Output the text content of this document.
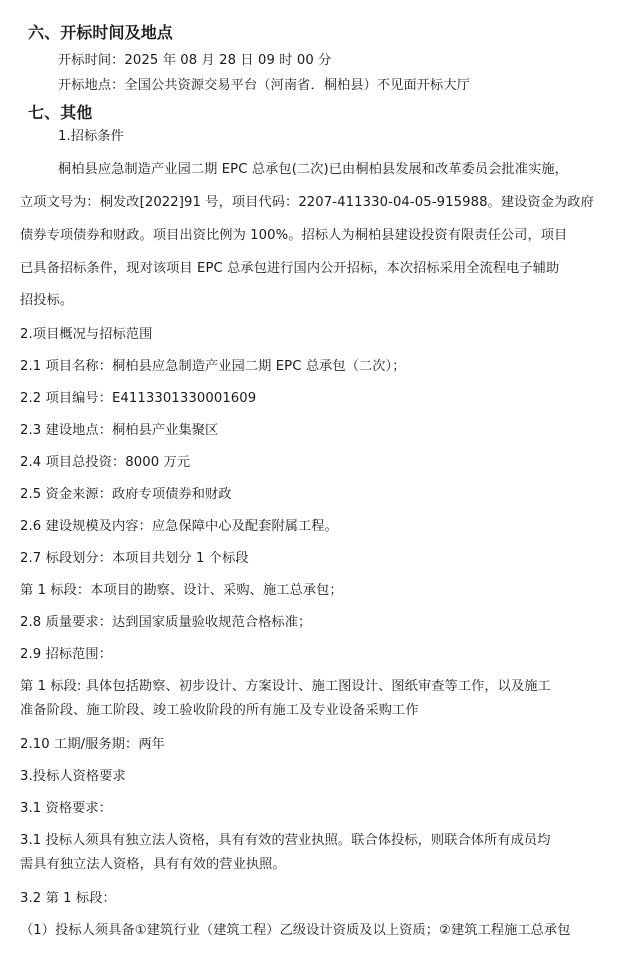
六、开标时间及地点
开标时间：2025 年 08 月 28 日 09 时 00 分
开标地点：全国公共资源交易平台（河南省．桐柏县）不见面开标大厅
七、其他
1.招标条件
桐柏县应急制造产业园二期 EPC 总承包(二次)已由桐柏县发展和改革委员会批准实施，
立项文号为：桐发改[2022]91 号，项目代码：2207-411330-04-05-915988。建设资金为政府
债券专项债券和财政。项目出资比例为 100%。招标人为桐柏县建设投资有限责任公司，项目
已具备招标条件，现对该项目 EPC 总承包进行国内公开招标，本次招标采用全流程电子辅助
招投标。
2.项目概况与招标范围
2.1 项目名称：桐柏县应急制造产业园二期 EPC 总承包（二次）；
2.2 项目编号：E4113301330001609
2.3 建设地点：桐柏县产业集聚区
2.4 项目总投资：8000 万元
2.5 资金来源：政府专项债券和财政
2.6 建设规模及内容：应急保障中心及配套附属工程。
2.7 标段划分：本项目共划分 1 个标段
第 1 标段：本项目的勘察、设计、采购、施工总承包；
2.8 质量要求：达到国家质量验收规范合格标准；
2.9 招标范围：
第 1 标段: 具体包括勘察、初步设计、方案设计、施工图设计、图纸审查等工作，以及施工
准备阶段、施工阶段、竣工验收阶段的所有施工及专业设备采购工作
2.10 工期/服务期：两年
3.投标人资格要求
3.1 资格要求：
3.1 投标人须具有独立法人资格，具有有效的营业执照。联合体投标，则联合体所有成员均
需具有独立法人资格，具有有效的营业执照。
3.2 第 1 标段：
（1）投标人须具备①建筑行业（建筑工程）乙级设计资质及以上资质；②建筑工程施工总承包
